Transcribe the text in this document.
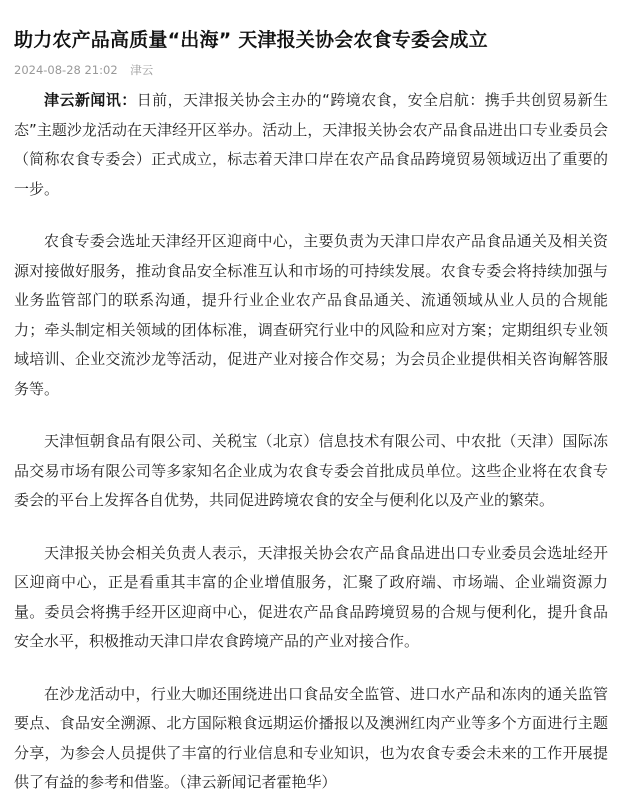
助力农产品高质量“出海” 天津报关协会农食专委会成立
2024-08-28 21:02 津云

津云新闻讯：日前，天津报关协会主办的“跨境农食，安全启航：携手共创贸易新生态”主题沙龙活动在天津经开区举办。活动上，天津报关协会农产品食品进出口专业委员会（简称农食专委会）正式成立，标志着天津口岸在农产品食品跨境贸易领域迈出了重要的一步。

农食专委会选址天津经开区迎商中心，主要负责为天津口岸农产品食品通关及相关资源对接做好服务，推动食品安全标准互认和市场的可持续发展。农食专委会将持续加强与业务监管部门的联系沟通，提升行业企业农产品食品通关、流通领域从业人员的合规能力；牵头制定相关领域的团体标准，调查研究行业中的风险和应对方案；定期组织专业领域培训、企业交流沙龙等活动，促进产业对接合作交易；为会员企业提供相关咨询解答服务等。

天津恒朝食品有限公司、关税宝（北京）信息技术有限公司、中农批（天津）国际冻品交易市场有限公司等多家知名企业成为农食专委会首批成员单位。这些企业将在农食专委会的平台上发挥各自优势，共同促进跨境农食的安全与便利化以及产业的繁荣。

天津报关协会相关负责人表示，天津报关协会农产品食品进出口专业委员会选址经开区迎商中心，正是看重其丰富的企业增值服务，汇聚了政府端、市场端、企业端资源力量。委员会将携手经开区迎商中心，促进农产品食品跨境贸易的合规与便利化，提升食品安全水平，积极推动天津口岸农食跨境产品的产业对接合作。

在沙龙活动中，行业大咖还围绕进出口食品安全监管、进口水产品和冻肉的通关监管要点、食品安全溯源、北方国际粮食远期运价播报以及澳洲红肉产业等多个方面进行主题分享，为参会人员提供了丰富的行业信息和专业知识，也为农食专委会未来的工作开展提供了有益的参考和借鉴。（津云新闻记者霍艳华）
